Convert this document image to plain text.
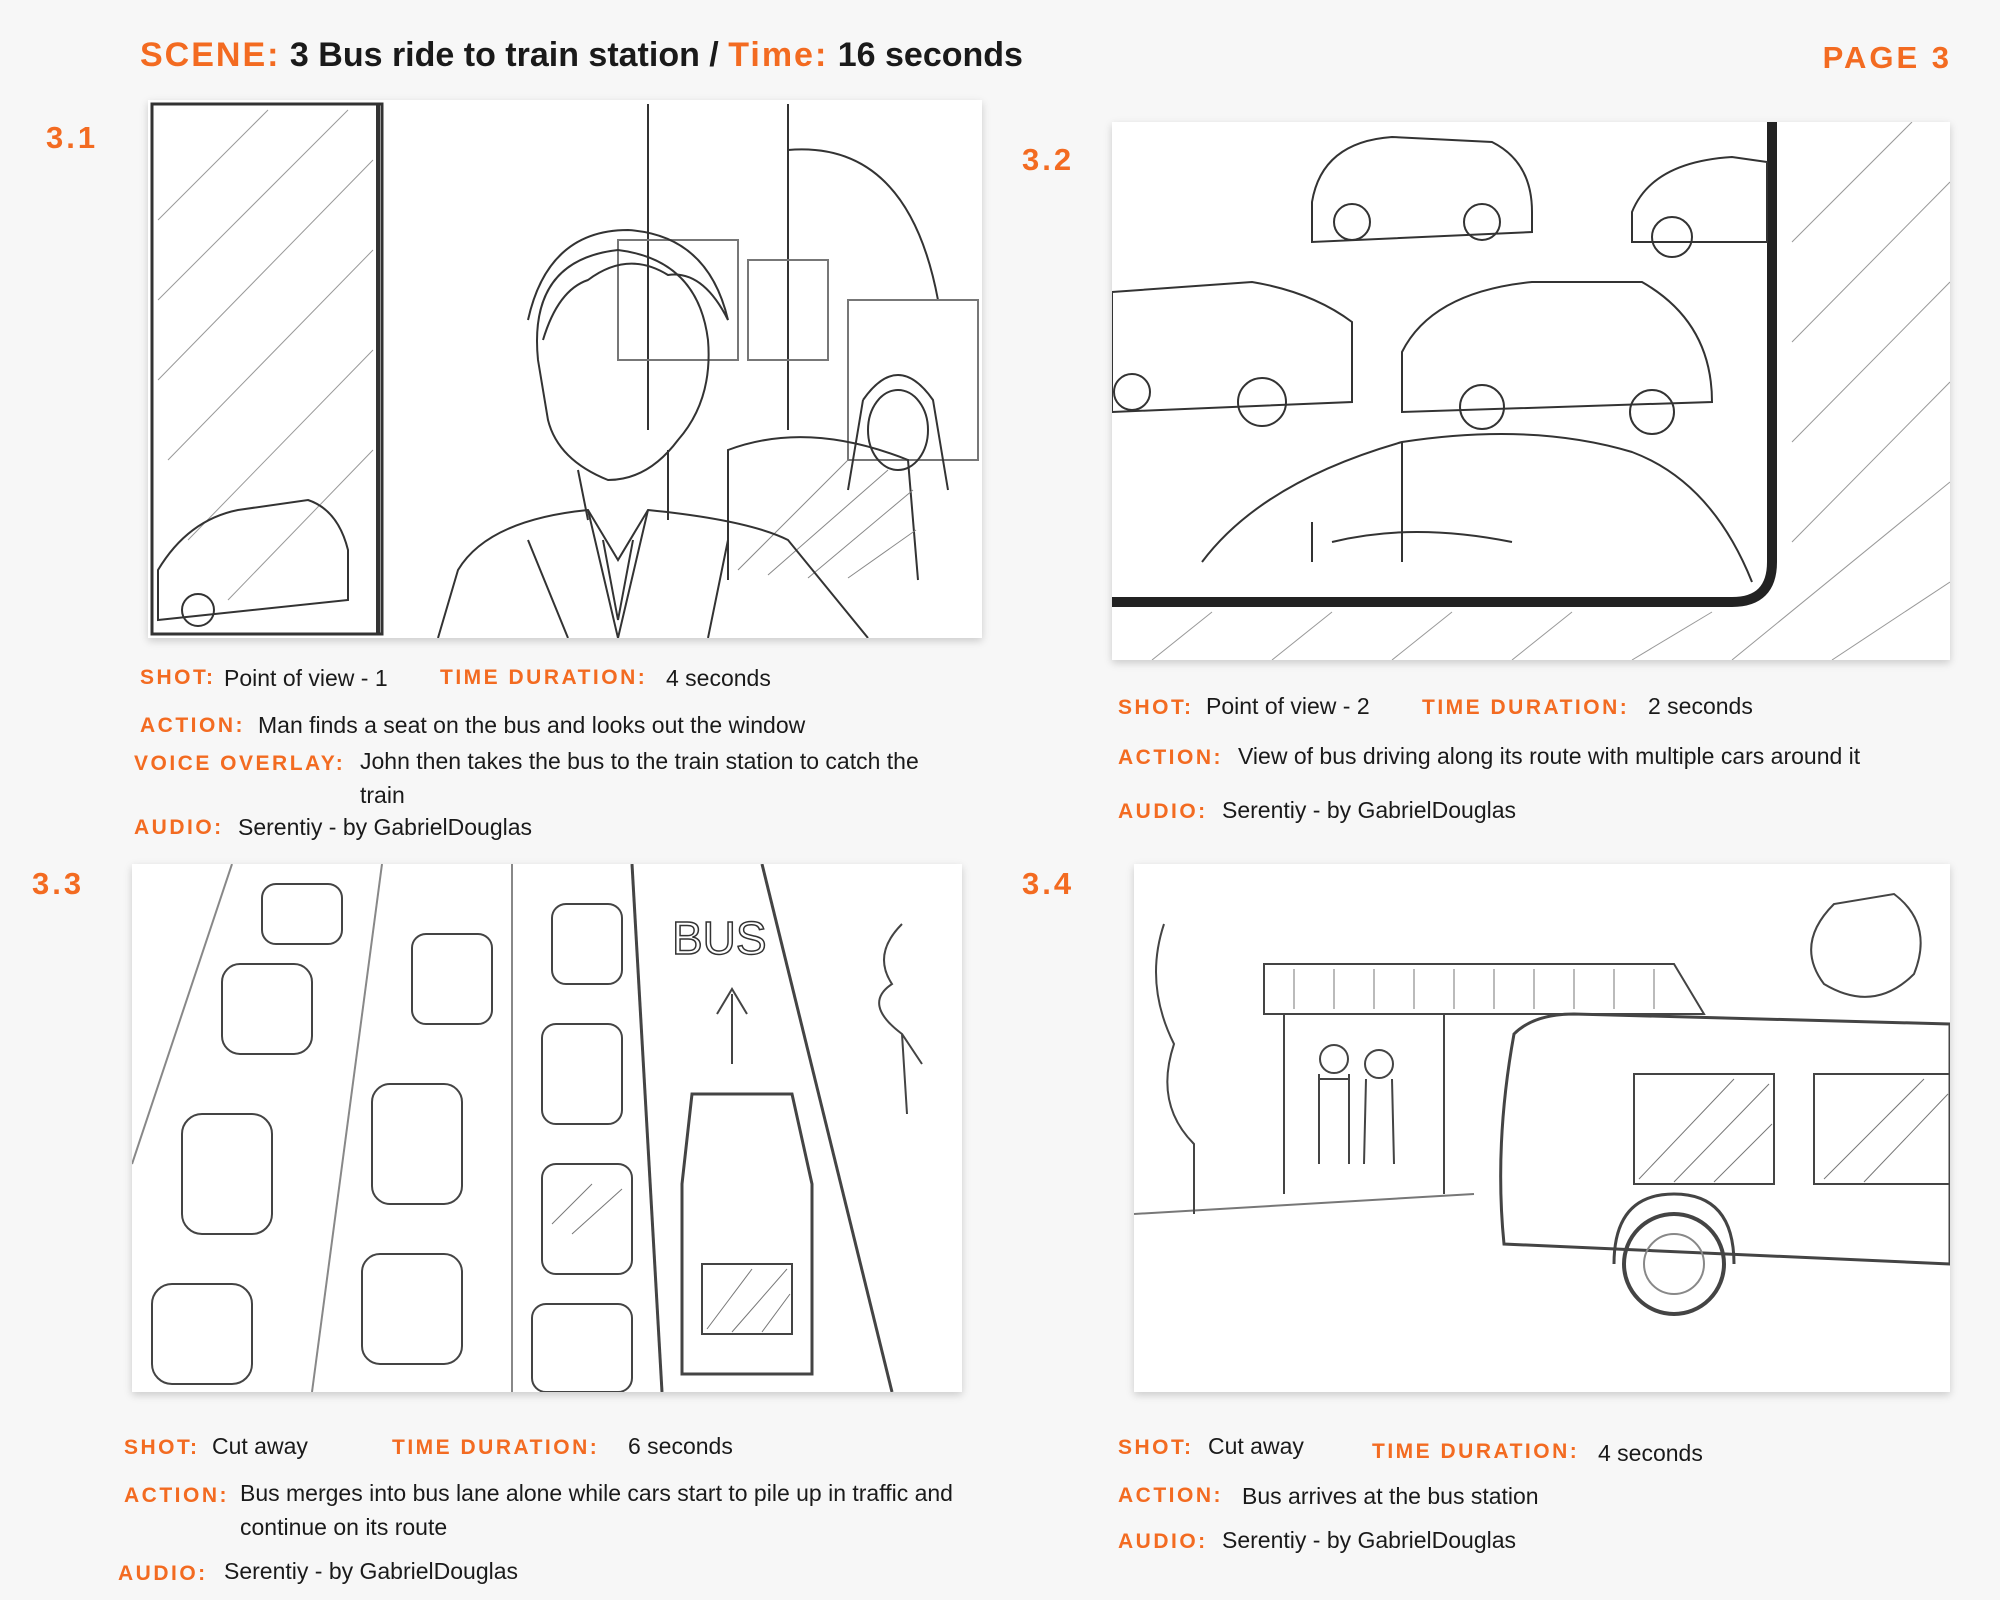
SCENE: 3 Bus ride to train station / Time: 16 seconds	PAGE 3
3.1
SHOT: Point of view - 1 TIME DURATION: 4 seconds
ACTION: Man finds a seat on the bus and looks out the window
VOICE OVERLAY: John then takes the bus to the train station to catch the train
AUDIO: Serentiy - by GabrielDouglas
3.2
SHOT: Point of view - 2 TIME DURATION: 2 seconds
ACTION: View of bus driving along its route with multiple cars around it
AUDIO: Serentiy - by GabrielDouglas
3.3
BUS
SHOT: Cut away	TIME DURATION: 6 seconds
ACTION: Bus merges into bus lane alone while cars start to pile up in traffic and continue on its route
AUDIO: Serentiy - by GabrielDouglas
3.4
SHOT: Cut away	TIME DURATION: 4 seconds
ACTION: Bus arrives at the bus station
AUDIO: Serentiy - by GabrielDouglas
